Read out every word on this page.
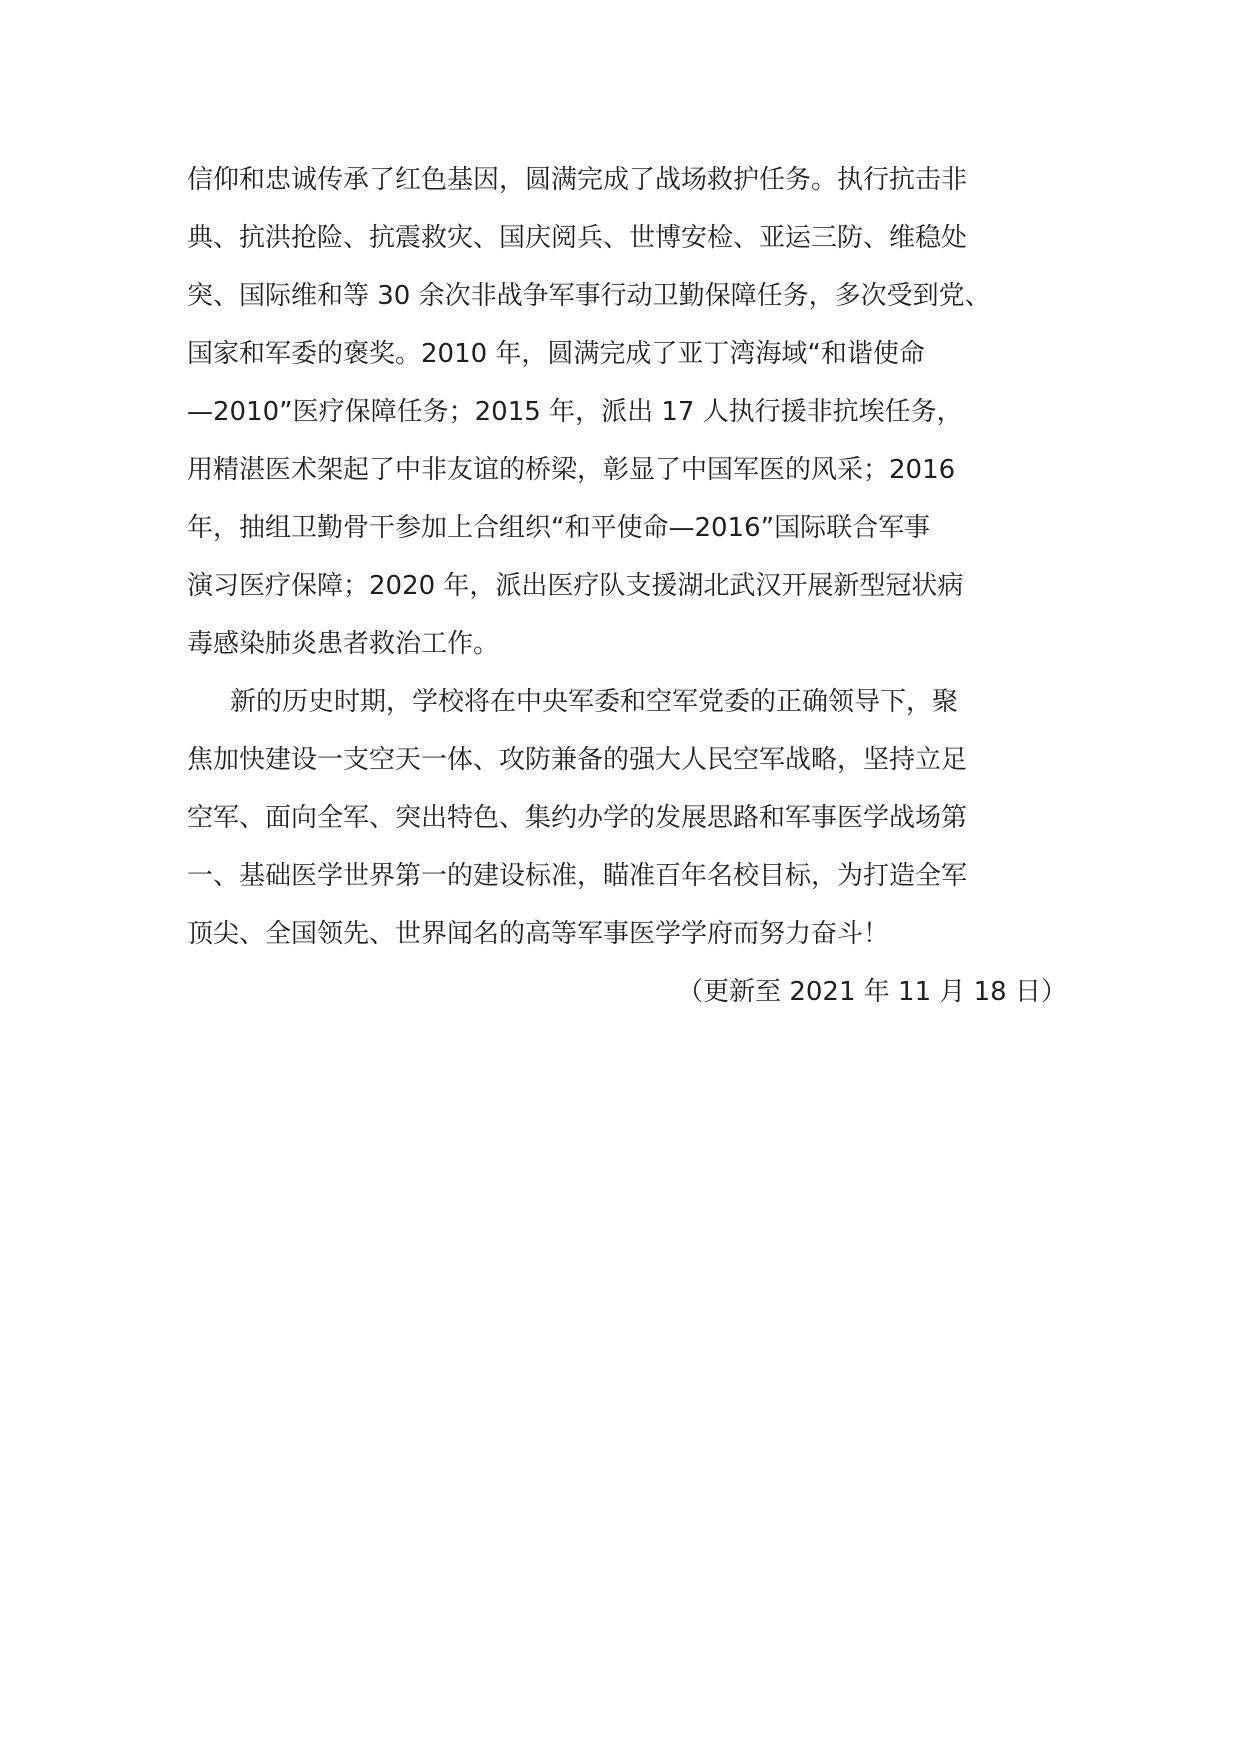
信仰和忠诚传承了红色基因，圆满完成了战场救护任务。执行抗击非
典、抗洪抢险、抗震救灾、国庆阅兵、世博安检、亚运三防、维稳处
突、国际维和等 30 余次非战争军事行动卫勤保障任务，多次受到党、
国家和军委的褒奖。2010 年，圆满完成了亚丁湾海域“和谐使命
—2010”医疗保障任务；2015 年，派出 17 人执行援非抗埃任务，
用精湛医术架起了中非友谊的桥梁，彰显了中国军医的风采；2016
年，抽组卫勤骨干参加上合组织“和平使命—2016”国际联合军事
演习医疗保障；2020 年，派出医疗队支援湖北武汉开展新型冠状病
毒感染肺炎患者救治工作。
新的历史时期，学校将在中央军委和空军党委的正确领导下，聚
焦加快建设一支空天一体、攻防兼备的强大人民空军战略，坚持立足
空军、面向全军、突出特色、集约办学的发展思路和军事医学战场第
一、基础医学世界第一的建设标准，瞄准百年名校目标，为打造全军
顶尖、全国领先、世界闻名的高等军事医学学府而努力奋斗！
（更新至 2021 年 11 月 18 日）
